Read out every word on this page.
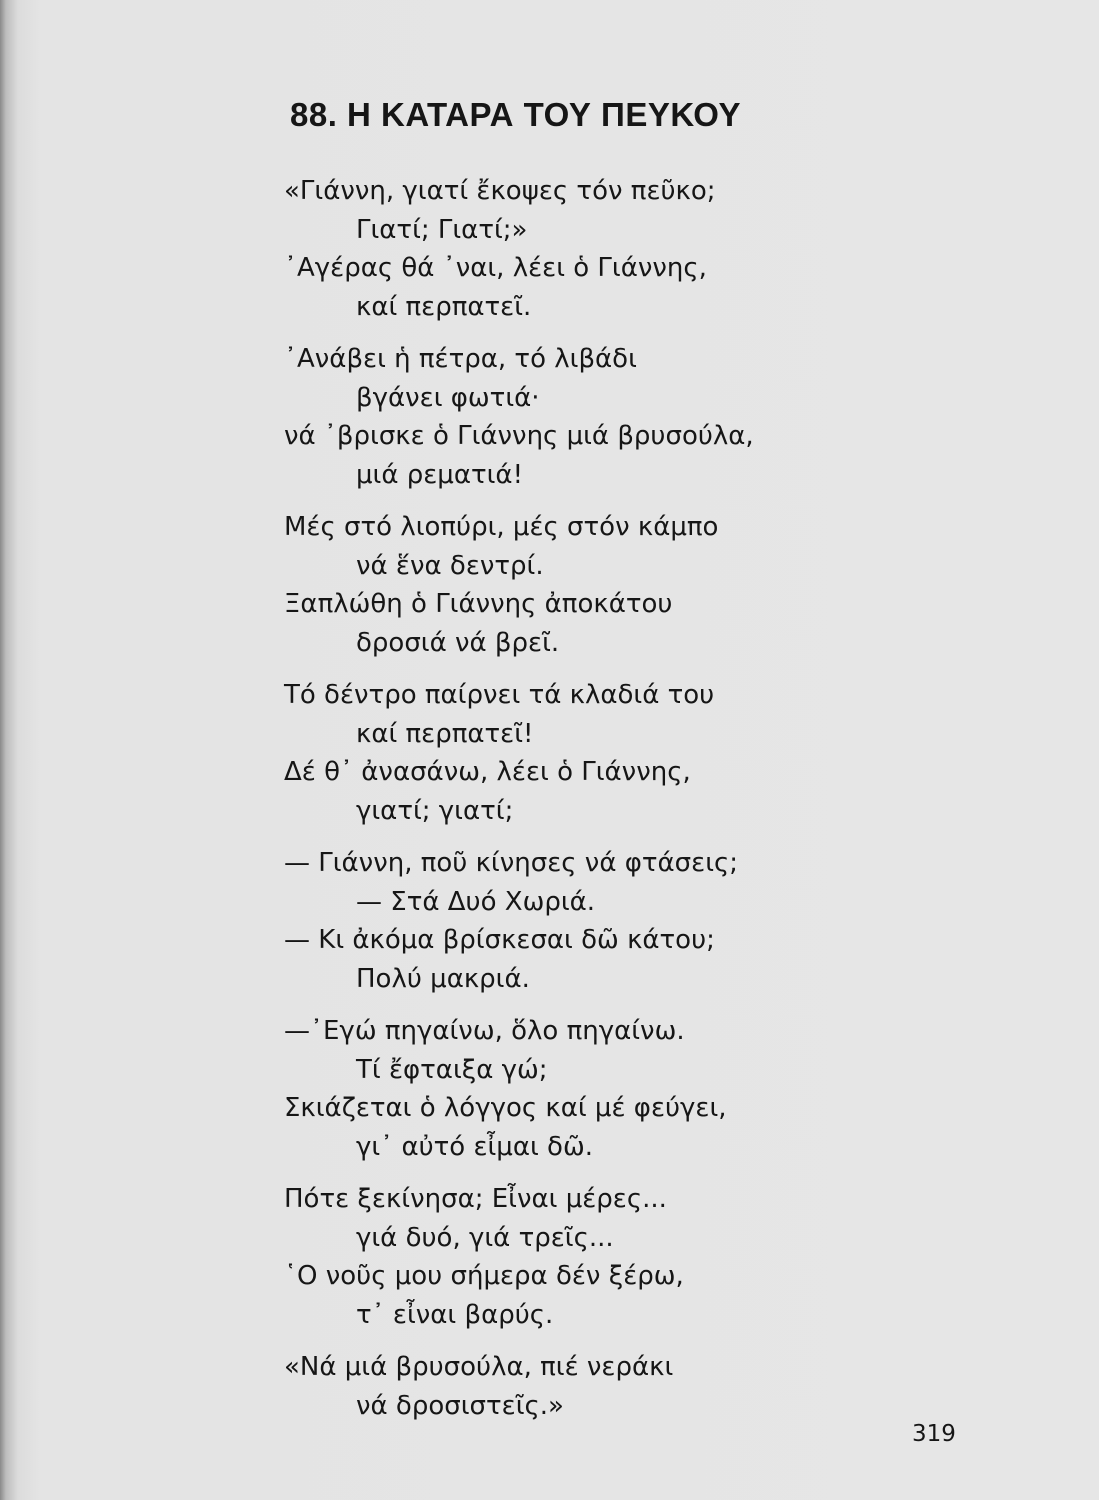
88. Η ΚΑΤΑΡΑ ΤΟΥ ΠΕΥΚΟΥ
«Γιάννη, γιατί ἔκοψες τόν πεῦκο;
Γιατί; Γιατί;»
᾿Αγέρας θά ᾿ναι, λέει ὁ Γιάννης,
καί περπατεῖ.
᾿Ανάβει ἡ πέτρα, τό λιβάδι
βγάνει φωτιά·
νά ᾿βρισκε ὁ Γιάννης μιά βρυσούλα,
μιά ρεματιά!
Μές στό λιοπύρι, μές στόν κάμπο
νά ἕνα δεντρί.
Ξαπλώθη ὁ Γιάννης ἀποκάτου
δροσιά νά βρεῖ.
Τό δέντρο παίρνει τά κλαδιά του
καί περπατεῖ!
Δέ θ᾿ ἀνασάνω, λέει ὁ Γιάννης,
γιατί; γιατί;
— Γιάννη, ποῦ κίνησες νά φτάσεις;
— Στά Δυό Χωριά.
— Κι ἀκόμα βρίσκεσαι δῶ κάτου;
Πολύ μακριά.
—᾿Εγώ πηγαίνω, ὅλο πηγαίνω.
Τί ἔφταιξα γώ;
Σκιάζεται ὁ λόγγος καί μέ φεύγει,
γι᾿ αὐτό εἶμαι δῶ.
Πότε ξεκίνησα; Εἶναι μέρες...
γιά δυό, γιά τρεῖς...
῾Ο νοῦς μου σήμερα δέν ξέρω,
τ᾿ εἶναι βαρύς.
«Νά μιά βρυσούλα, πιέ νεράκι
νά δροσιστεῖς.»
319
